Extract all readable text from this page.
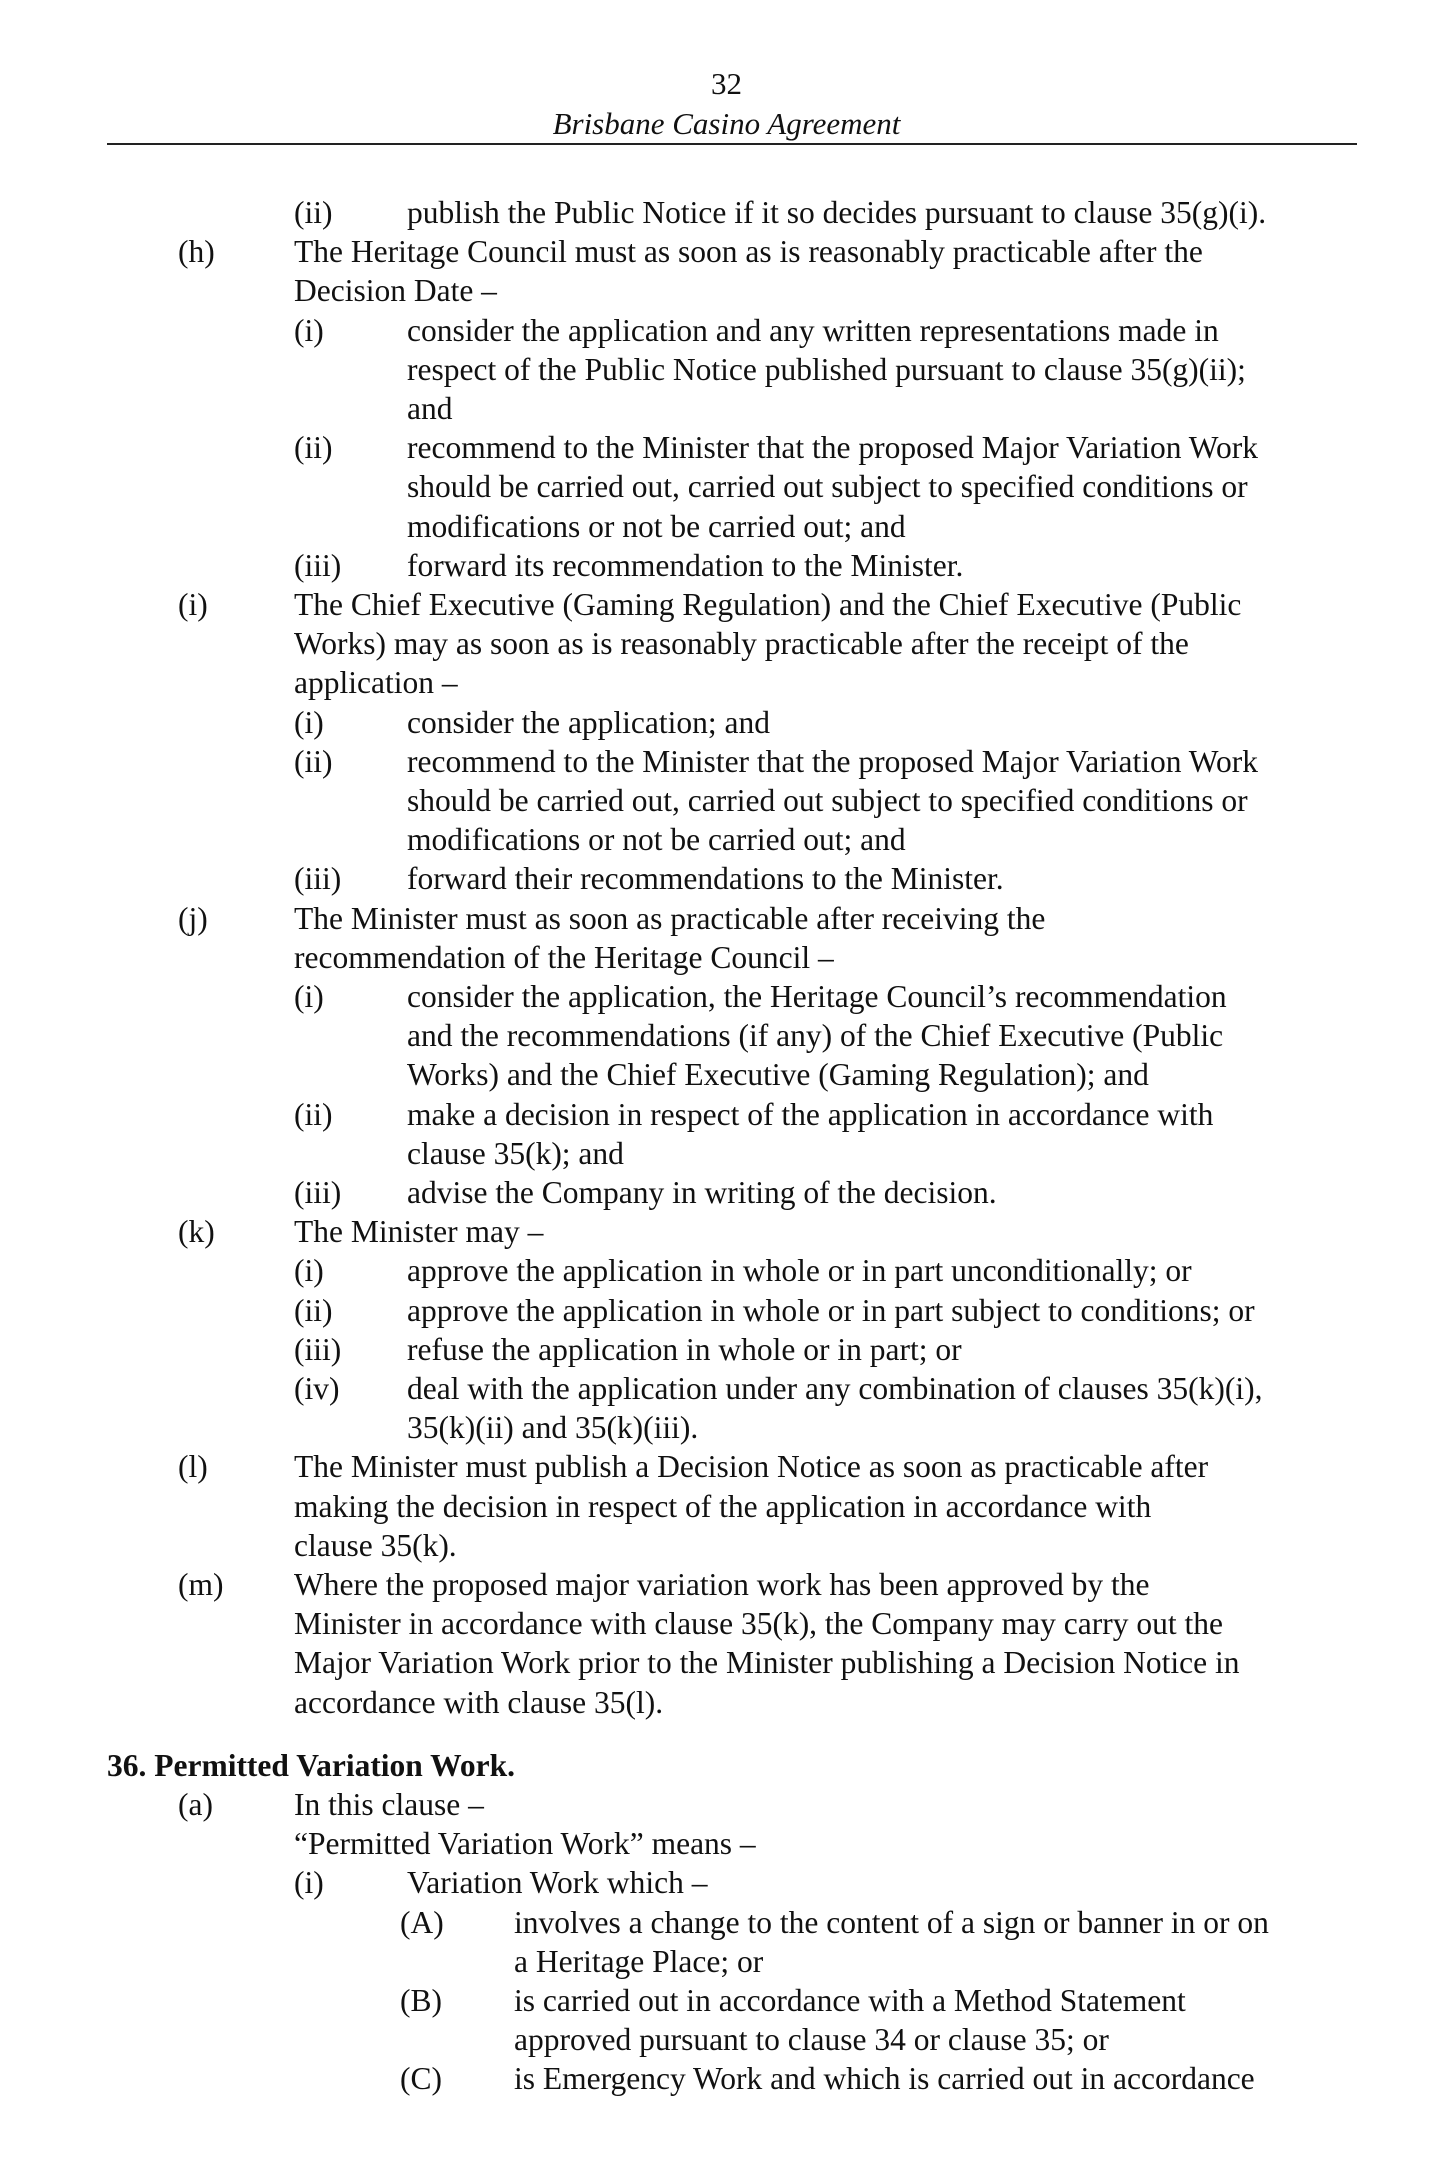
32
Brisbane Casino Agreement
(ii) publish the Public Notice if it so decides pursuant to clause 35(g)(i).
(h)	The Heritage Council must as soon as is reasonably practicable after the
Decision Date –
(i)	consider the application and any written representations made in
respect of the Public Notice published pursuant to clause 35(g)(ii);
and
(ii) recommend to the Minister that the proposed Major Variation Work
should be carried out, carried out subject to specified conditions or
modifications or not be carried out; and
(iii) forward its recommendation to the Minister.
(i)	The Chief Executive (Gaming Regulation) and the Chief Executive (Public
Works) may as soon as is reasonably practicable after the receipt of the
application –
(i)	consider the application; and
(ii) recommend to the Minister that the proposed Major Variation Work
should be carried out, carried out subject to specified conditions or
modifications or not be carried out; and
(iii) forward their recommendations to the Minister.
(j)	The Minister must as soon as practicable after receiving the
recommendation of the Heritage Council –
(i)	consider the application, the Heritage Council’s recommendation
and the recommendations (if any) of the Chief Executive (Public
Works) and the Chief Executive (Gaming Regulation); and
(ii) make a decision in respect of the application in accordance with
clause 35(k); and
(iii) advise the Company in writing of the decision.
(k)	The Minister may –
(i)	approve the application in whole or in part unconditionally; or
(ii) approve the application in whole or in part subject to conditions; or
(iii) refuse the application in whole or in part; or
(iv) deal with the application under any combination of clauses 35(k)(i),
35(k)(ii) and 35(k)(iii).
(l)	The Minister must publish a Decision Notice as soon as practicable after
making the decision in respect of the application in accordance with
clause 35(k).
(m) Where the proposed major variation work has been approved by the
Minister in accordance with clause 35(k), the Company may carry out the
Major Variation Work prior to the Minister publishing a Decision Notice in
accordance with clause 35(l).
36. Permitted Variation Work.
(a)	In this clause –
“Permitted Variation Work” means –
(i)	Variation Work which –
(A) involves a change to the content of a sign or banner in or on
a Heritage Place; or
(B) is carried out in accordance with a Method Statement
approved pursuant to clause 34 or clause 35; or
(C) is Emergency Work and which is carried out in accordance
